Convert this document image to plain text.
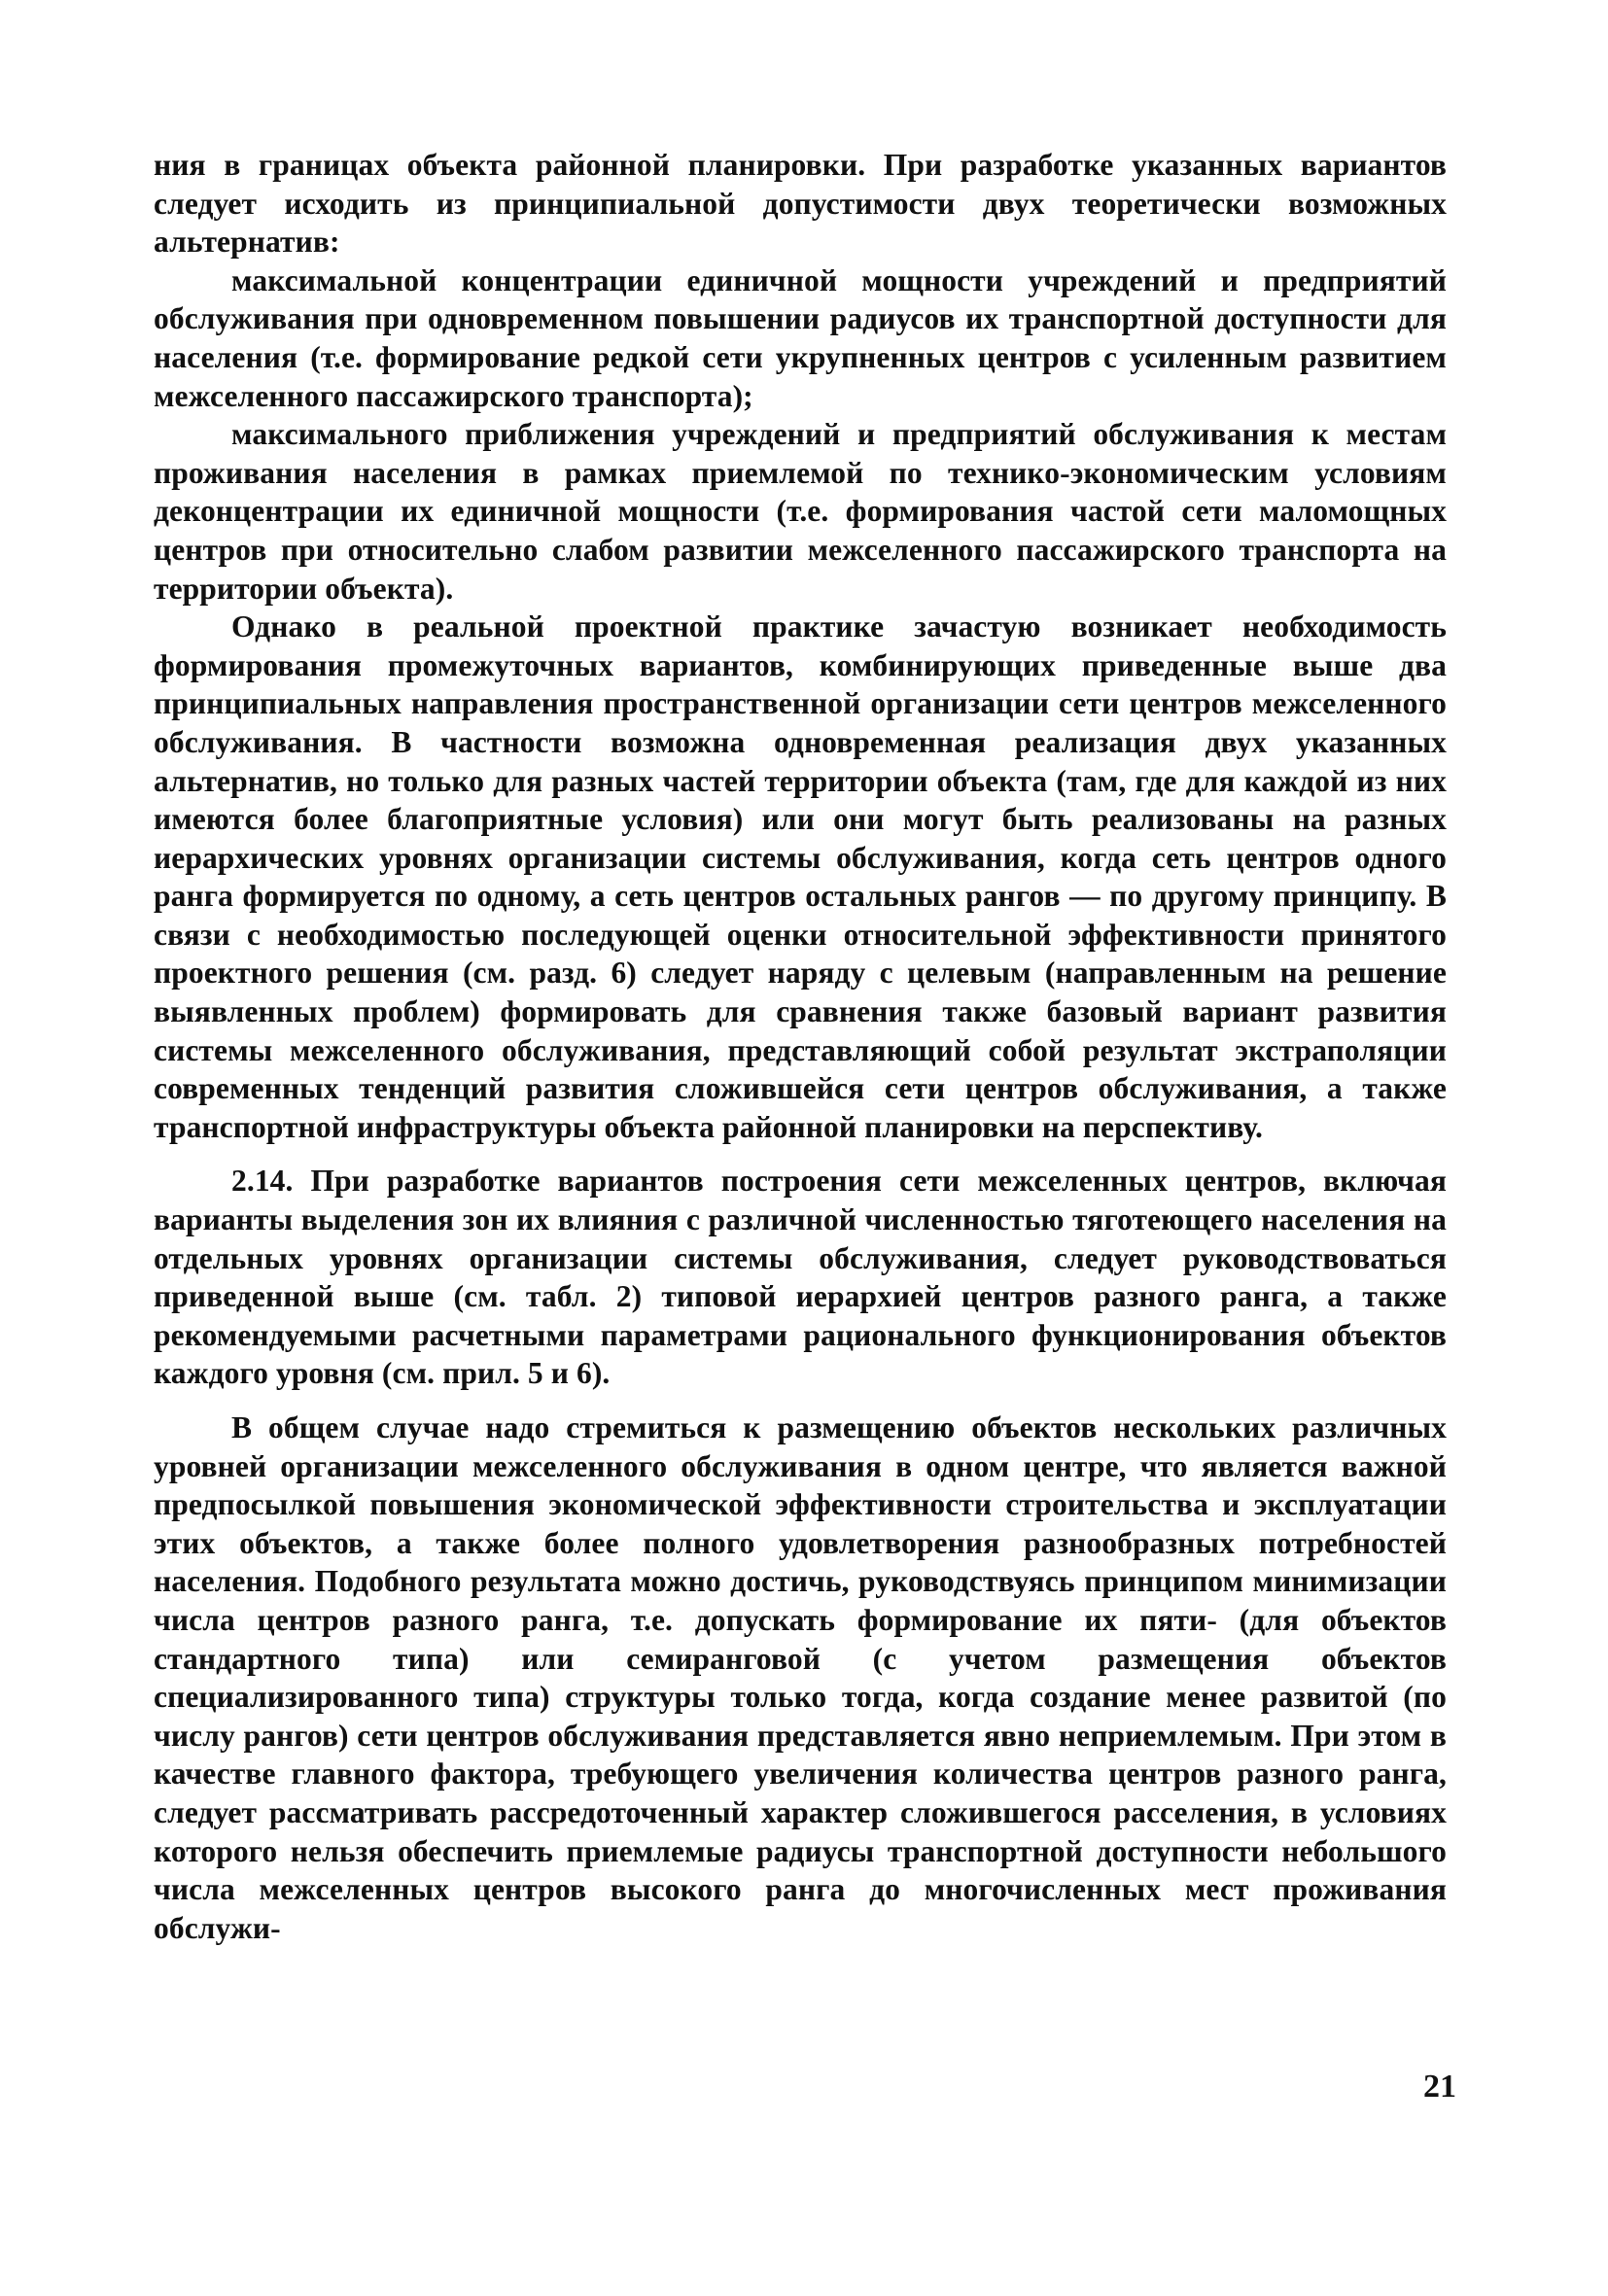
ния в границах объекта районной планировки. При разработке указанных вариантов следует исходить из принципиальной допустимости двух теоретически возможных альтернатив:

максимальной концентрации единичной мощности учреждений и предприятий обслуживания при одновременном повышении радиусов их транспортной доступности для населения (т.е. формирование редкой сети укрупненных центров с усиленным развитием межселенного пассажирского транспорта);

максимального приближения учреждений и предприятий обслуживания к местам проживания населения в рамках приемлемой по технико-экономическим условиям деконцентрации их единичной мощности (т.е. формирования частой сети маломощных центров при относительно слабом развитии межселенного пассажирского транспорта на территории объекта).

Однако в реальной проектной практике зачастую возникает необходимость формирования промежуточных вариантов, комбинирующих приведенные выше два принципиальных направления пространственной организации сети центров межселенного обслуживания. В частности возможна одновременная реализация двух указанных альтернатив, но только для разных частей территории объекта (там, где для каждой из них имеются более благоприятные условия) или они могут быть реализованы на разных иерархических уровнях организации системы обслуживания, когда сеть центров одного ранга формируется по одному, а сеть центров остальных рангов — по другому принципу. В связи с необходимостью последующей оценки относительной эффективности принятого проектного решения (см. разд. 6) следует наряду с целевым (направленным на решение выявленных проблем) формировать для сравнения также базовый вариант развития системы межселенного обслуживания, представляющий собой результат экстраполяции современных тенденций развития сложившейся сети центров обслуживания, а также транспортной инфраструктуры объекта районной планировки на перспективу.

2.14. При разработке вариантов построения сети межселенных центров, включая варианты выделения зон их влияния с различной численностью тяготеющего населения на отдельных уровнях организации системы обслуживания, следует руководствоваться приведенной выше (см. табл. 2) типовой иерархией центров разного ранга, а также рекомендуемыми расчетными параметрами рационального функционирования объектов каждого уровня (см. прил. 5 и 6).

В общем случае надо стремиться к размещению объектов нескольких различных уровней организации межселенного обслуживания в одном центре, что является важной предпосылкой повышения экономической эффективности строительства и эксплуатации этих объектов, а также более полного удовлетворения разнообразных потребностей населения. Подобного результата можно достичь, руководствуясь принципом минимизации числа центров разного ранга, т.е. допускать формирование их пяти- (для объектов стандартного типа) или семиранговой (с учетом размещения объектов специализированного типа) структуры только тогда, когда создание менее развитой (по числу рангов) сети центров обслуживания представляется явно неприемлемым. При этом в качестве главного фактора, требующего увеличения количества центров разного ранга, следует рассматривать рассредоточенный характер сложившегося расселения, в условиях которого нельзя обеспечить приемлемые радиусы транспортной доступности небольшого числа межселенных центров высокого ранга до многочисленных мест проживания обслужи-

21
